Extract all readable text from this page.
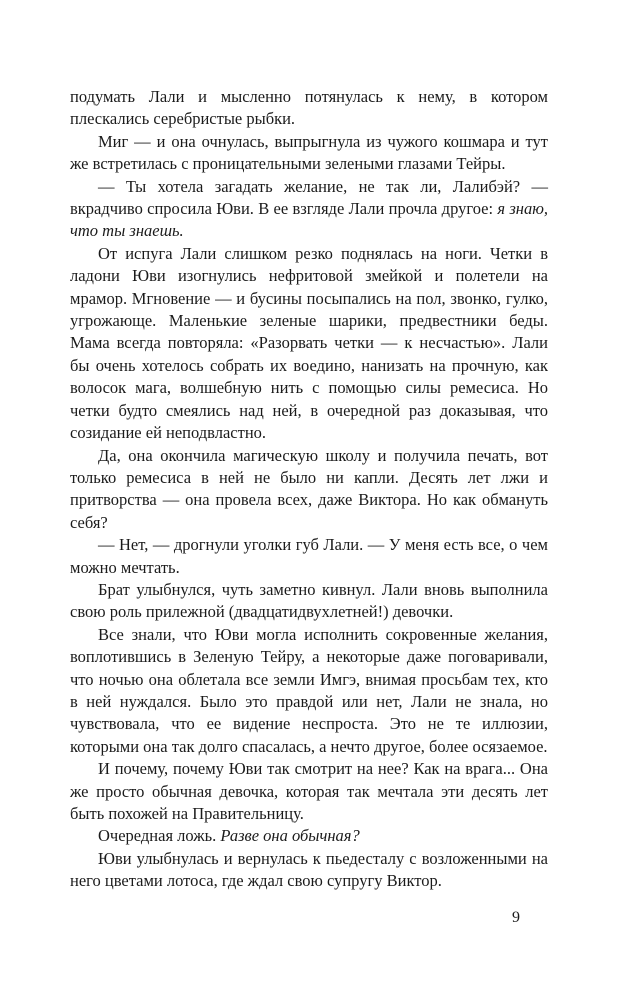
подумать Лали и мысленно потянулась к нему, в котором плескались серебристые рыбки.

Миг — и она очнулась, выпрыгнула из чужого кошмара и тут же встретилась с проницательными зелеными глазами Тейры.

— Ты хотела загадать желание, не так ли, Лалибэй? — вкрадчиво спросила Юви. В ее взгляде Лали прочла другое: я знаю, что ты знаешь.

От испуга Лали слишком резко поднялась на ноги. Четки в ладони Юви изогнулись нефритовой змейкой и полетели на мрамор. Мгновение — и бусины посыпались на пол, звонко, гулко, угрожающе. Маленькие зеленые шарики, предвестники беды. Мама всегда повторяла: «Разорвать четки — к несчастью». Лали бы очень хотелось собрать их воедино, нанизать на прочную, как волосок мага, волшебную нить с помощью силы ремесиса. Но четки будто смеялись над ней, в очередной раз доказывая, что созидание ей неподвластно.

Да, она окончила магическую школу и получила печать, вот только ремесиса в ней не было ни капли. Десять лет лжи и притворства — она провела всех, даже Виктора. Но как обмануть себя?

— Нет, — дрогнули уголки губ Лали. — У меня есть все, о чем можно мечтать.

Брат улыбнулся, чуть заметно кивнул. Лали вновь выполнила свою роль прилежной (двадцатидвухлетней!) девочки.

Все знали, что Юви могла исполнить сокровенные желания, воплотившись в Зеленую Тейру, а некоторые даже поговаривали, что ночью она облетала все земли Имгэ, внимая просьбам тех, кто в ней нуждался. Было это правдой или нет, Лали не знала, но чувствовала, что ее видение неспроста. Это не те иллюзии, которыми она так долго спасалась, а нечто другое, более осязаемое.

И почему, почему Юви так смотрит на нее? Как на врага... Она же просто обычная девочка, которая так мечтала эти десять лет быть похожей на Правительницу.

Очередная ложь. Разве она обычная?

Юви улыбнулась и вернулась к пьедесталу с возложенными на него цветами лотоса, где ждал свою супругу Виктор.

9
